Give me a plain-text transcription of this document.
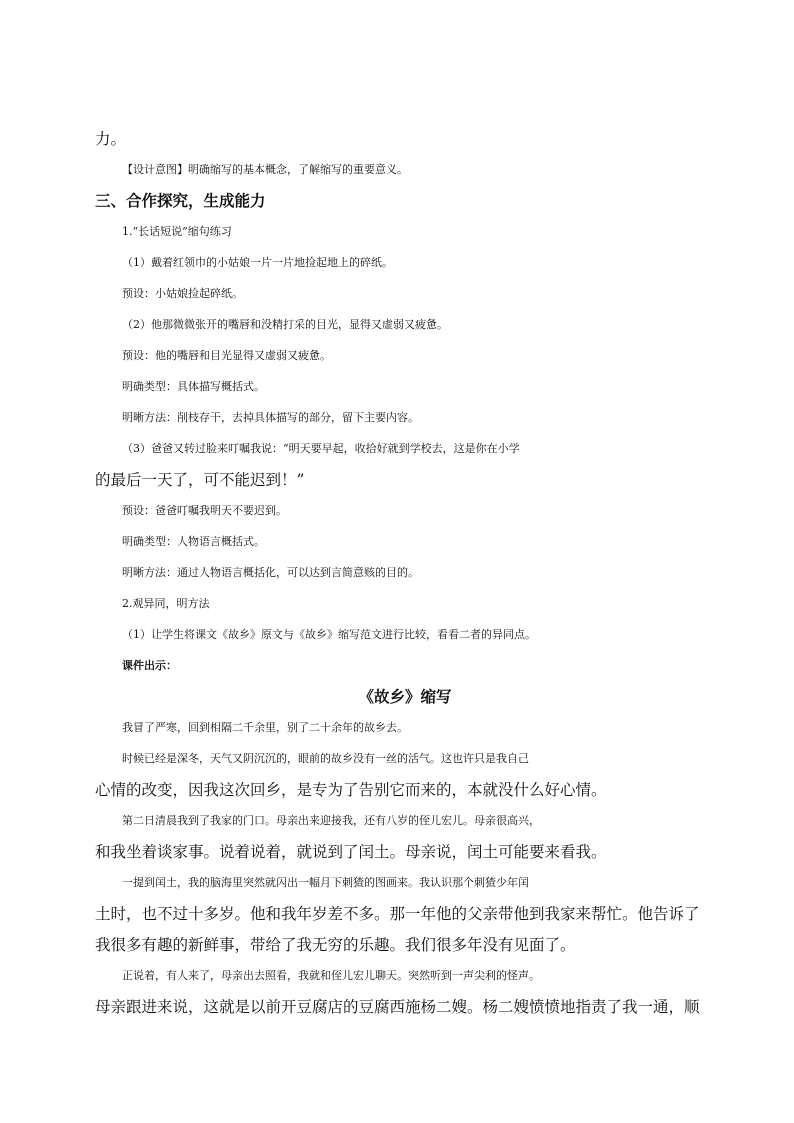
力。
【设计意图】明确缩写的基本概念，了解缩写的重要意义。
三、合作探究，生成能力
1.“长话短说”缩句练习
（1）戴着红领巾的小姑娘一片一片地捡起地上的碎纸。
预设：小姑娘捡起碎纸。
（2）他那微微张开的嘴唇和没精打采的目光，显得又虚弱又疲惫。
预设：他的嘴唇和目光显得又虚弱又疲惫。
明确类型：具体描写概括式。
明晰方法：削枝存干，去掉具体描写的部分，留下主要内容。
（3）爸爸又转过脸来叮嘱我说：“明天要早起，收拾好就到学校去，这是你在小学
的最后一天了，可不能迟到！”
预设：爸爸叮嘱我明天不要迟到。
明确类型：人物语言概括式。
明晰方法：通过人物语言概括化，可以达到言简意赅的目的。
2.观异同，明方法
（1）让学生将课文《故乡》原文与《故乡》缩写范文进行比较，看看二者的异同点。
课件出示：
《故乡》缩写
我冒了严寒，回到相隔二千余里，别了二十余年的故乡去。
时候已经是深冬，天气又阴沉沉的，眼前的故乡没有一丝的活气。这也许只是我自己
心情的改变，因我这次回乡，是专为了告别它而来的，本就没什么好心情。
第二日清晨我到了我家的门口。母亲出来迎接我，还有八岁的侄儿宏儿。母亲很高兴，
和我坐着谈家事。说着说着，就说到了闰土。母亲说，闰土可能要来看我。
一提到闰土，我的脑海里突然就闪出一幅月下刺猹的图画来。我认识那个刺猹少年闰
土时，也不过十多岁。他和我年岁差不多。那一年他的父亲带他到我家来帮忙。他告诉了
我很多有趣的新鲜事，带给了我无穷的乐趣。我们很多年没有见面了。
正说着，有人来了，母亲出去照看，我就和侄儿宏儿聊天。突然听到一声尖利的怪声。
母亲跟进来说，这就是以前开豆腐店的豆腐西施杨二嫂。杨二嫂愤愤地指责了我一通，顺
